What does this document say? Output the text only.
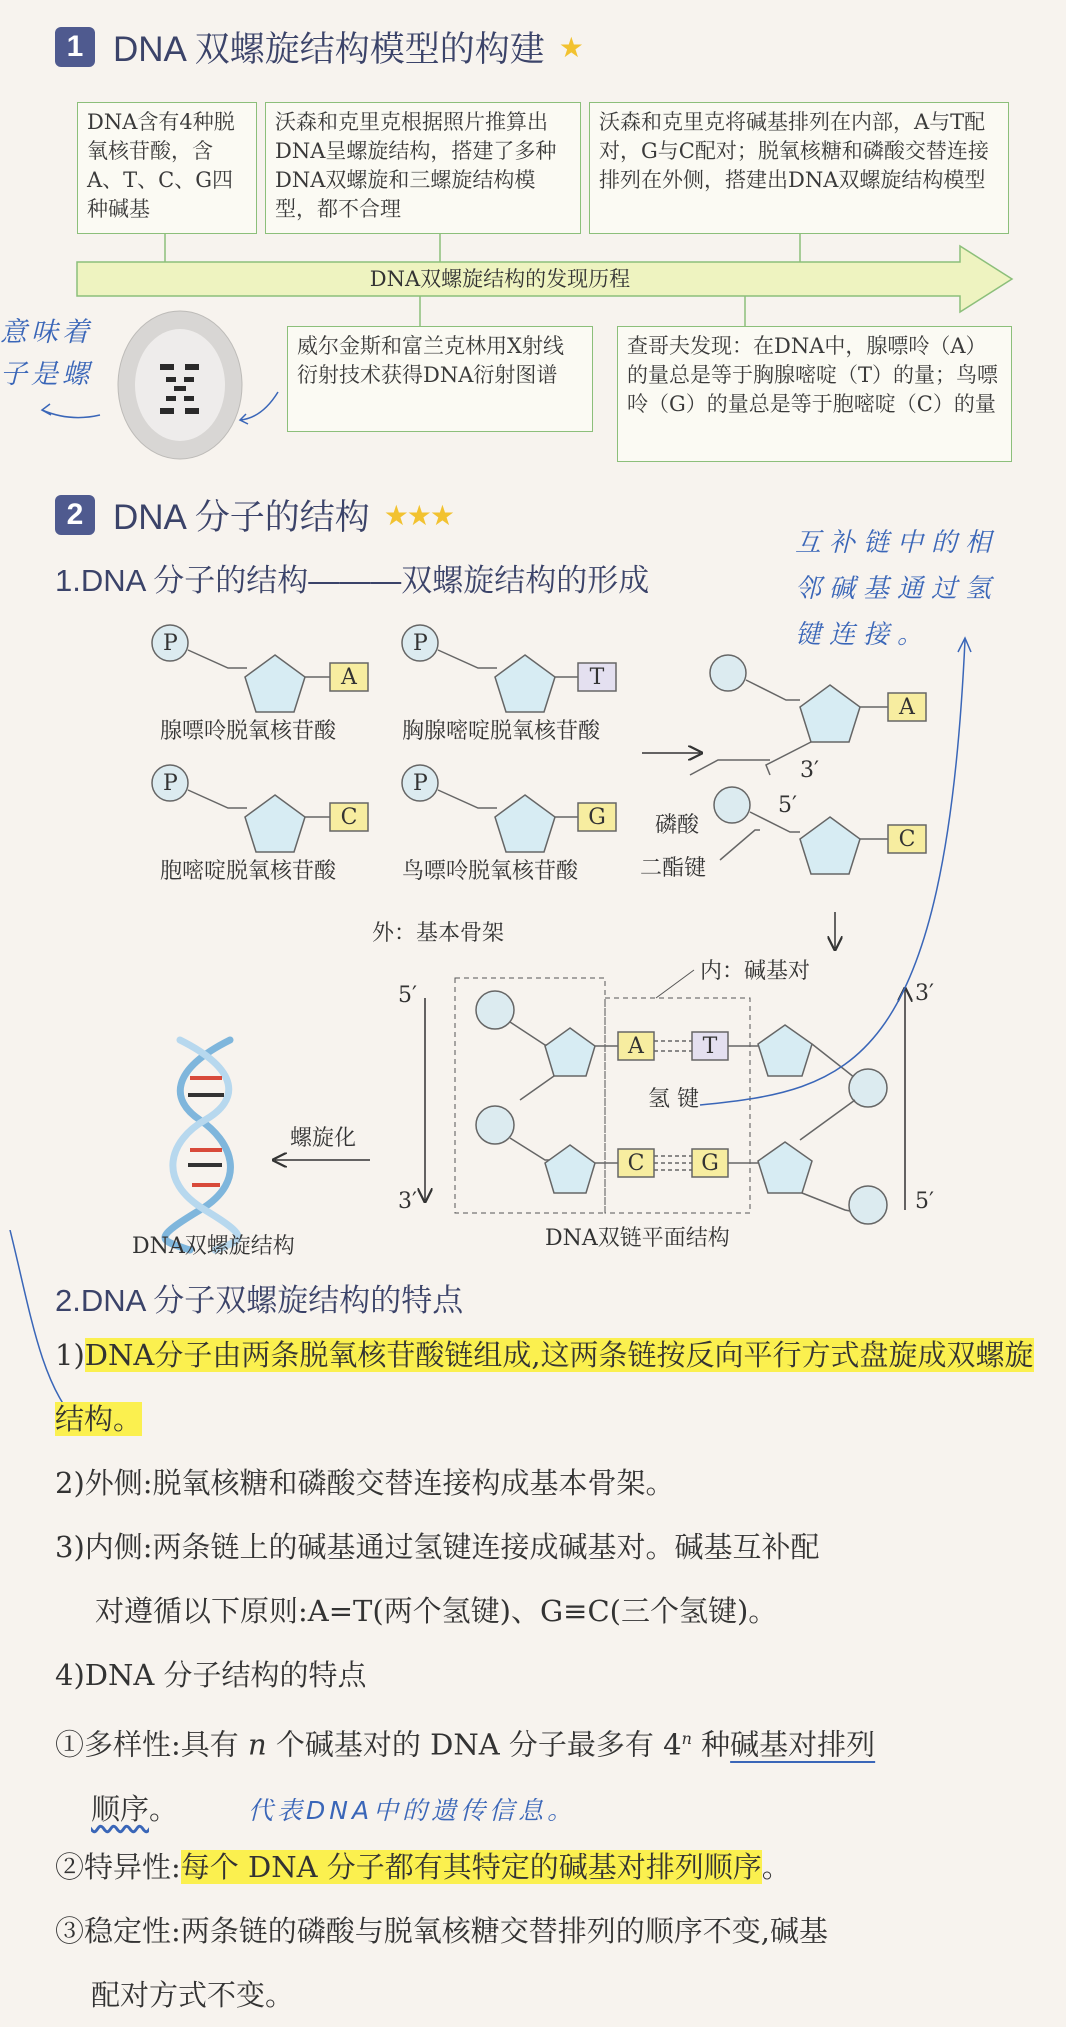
1 DNA 双螺旋结构模型的构建 ★
DNA含有4种脱氧核苷酸，含A、T、C、G四种碱基
沃森和克里克根据照片推算出DNA呈螺旋结构，搭建了多种DNA双螺旋和三螺旋结构模型，都不合理
沃森和克里克将碱基排列在内部，A与T配对，G与C配对；脱氧核糖和磷酸交替连接排列在外侧，搭建出DNA双螺旋结构模型
DNA双螺旋结构的发现历程
威尔金斯和富兰克林用X射线衍射技术获得DNA衍射图谱
查哥夫发现：在DNA中，腺嘌呤（A）的量总是等于胸腺嘧啶（T）的量；鸟嘌呤（G）的量总是等于胞嘧啶（C）的量
意味着
子是螺
2 DNA 分子的结构 ★★★
1.DNA 分子的结构———双螺旋结构的形成
互补链中的相
邻碱基通过氢
键连接。
P
A
腺嘌呤脱氧核苷酸
P
T
胸腺嘧啶脱氧核苷酸
P
C
胞嘧啶脱氧核苷酸
P
G
鸟嘌呤脱氧核苷酸
A
C
3′
5′
磷酸
二酯键
外：基本骨架
内：碱基对
5′
3′
3′
5′
A	T
C	G
氢 键
螺旋化
DNA双螺旋结构	DNA双链平面结构
2.DNA 分子双螺旋结构的特点
1)DNA分子由两条脱氧核苷酸链组成,这两条链按反向平行方式盘旋成双螺旋结构。
2)外侧:脱氧核糖和磷酸交替连接构成基本骨架。
3)内侧:两条链上的碱基通过氢键连接成碱基对。碱基互补配
对遵循以下原则:A=T(两个氢键)、G≡C(三个氢键)。
4)DNA 分子结构的特点
①多样性:具有 n 个碱基对的 DNA 分子最多有 4$^n$ 种碱基对排列
顺序。	代表DNA中的遗传信息。
②特异性:每个 DNA 分子都有其特定的碱基对排列顺序。
③稳定性:两条链的磷酸与脱氧核糖交替排列的顺序不变,碱基
配对方式不变。
